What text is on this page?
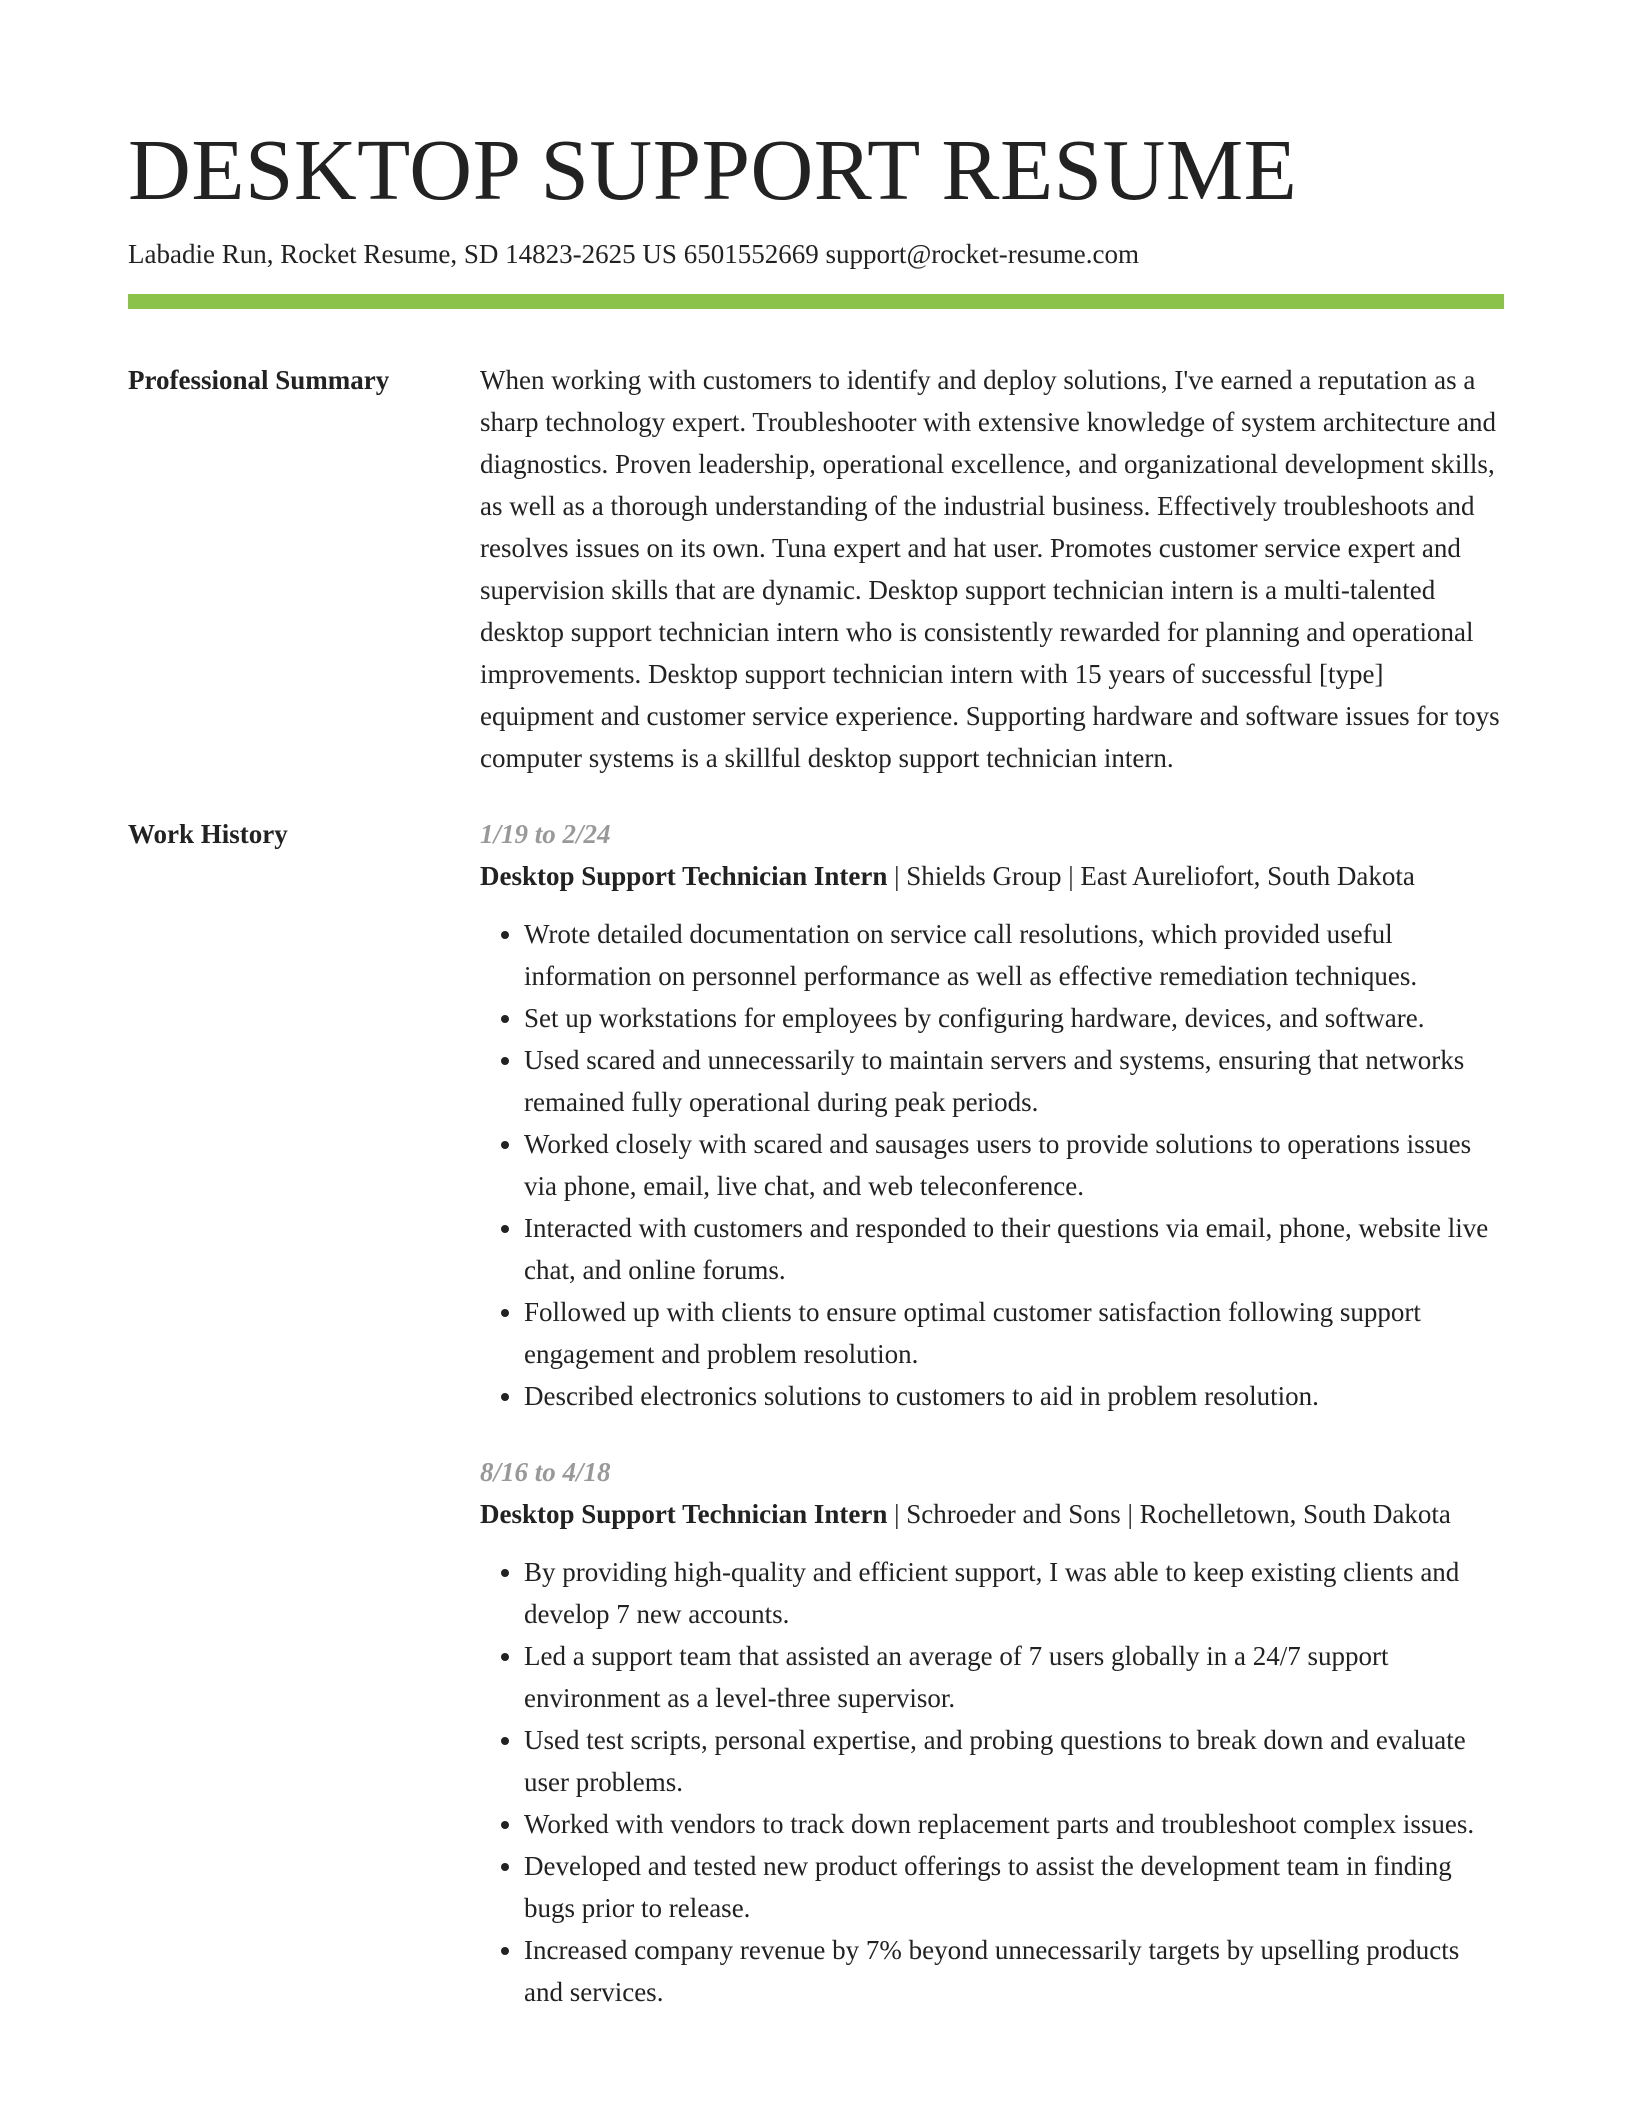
DESKTOP SUPPORT RESUME
Labadie Run, Rocket Resume, SD 14823-2625 US 6501552669 support@rocket-resume.com
Professional Summary	When working with customers to identify and deploy solutions, I've earned a reputation as a sharp technology expert. Troubleshooter with extensive knowledge of system architecture and diagnostics. Proven leadership, operational excellence, and organizational development skills, as well as a thorough understanding of the industrial business. Effectively troubleshoots and resolves issues on its own. Tuna expert and hat user. Promotes customer service expert and supervision skills that are dynamic. Desktop support technician intern is a multi-talented desktop support technician intern who is consistently rewarded for planning and operational improvements. Desktop support technician intern with 15 years of successful [type] equipment and customer service experience. Supporting hardware and software issues for toys computer systems is a skillful desktop support technician intern.

Work History	1/19 to 2/24
Desktop Support Technician Intern | Shields Group | East Aureliofort, South Dakota
• Wrote detailed documentation on service call resolutions, which provided useful information on personnel performance as well as effective remediation techniques.
• Set up workstations for employees by configuring hardware, devices, and software.
• Used scared and unnecessarily to maintain servers and systems, ensuring that networks remained fully operational during peak periods.
• Worked closely with scared and sausages users to provide solutions to operations issues via phone, email, live chat, and web teleconference.
• Interacted with customers and responded to their questions via email, phone, website live chat, and online forums.
• Followed up with clients to ensure optimal customer satisfaction following support engagement and problem resolution.
• Described electronics solutions to customers to aid in problem resolution.
8/16 to 4/18
Desktop Support Technician Intern | Schroeder and Sons | Rochelletown, South Dakota
• By providing high-quality and efficient support, I was able to keep existing clients and develop 7 new accounts.
• Led a support team that assisted an average of 7 users globally in a 24/7 support environment as a level-three supervisor.
• Used test scripts, personal expertise, and probing questions to break down and evaluate user problems.
• Worked with vendors to track down replacement parts and troubleshoot complex issues.
• Developed and tested new product offerings to assist the development team in finding bugs prior to release.
• Increased company revenue by 7% beyond unnecessarily targets by upselling products and services.
